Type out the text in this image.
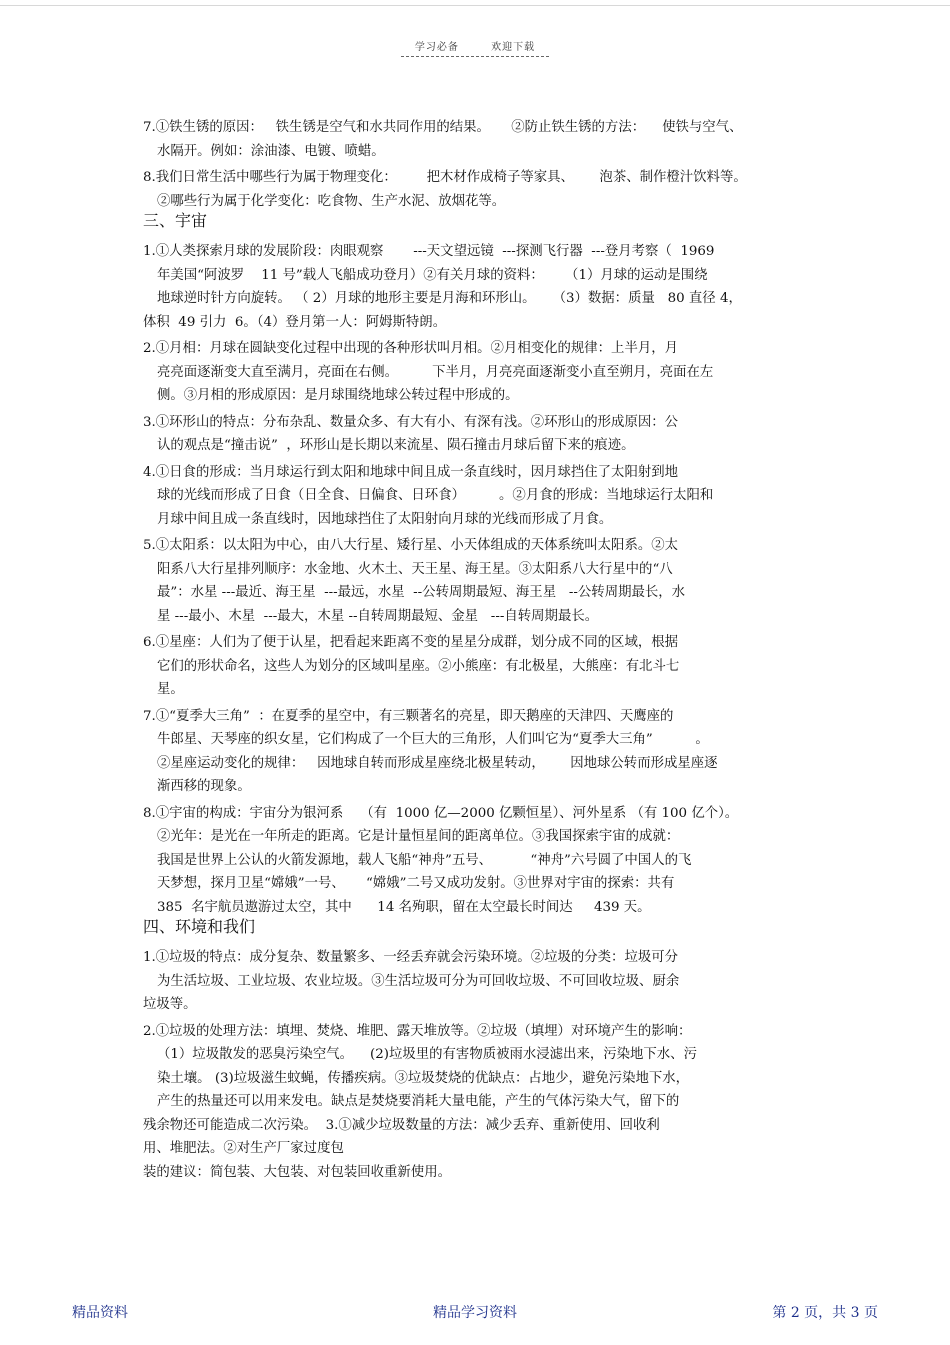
学习必备	欢迎下载
7.①铁生锈的原因：   铁生锈是空气和水共同作用的结果。     ②防止铁生锈的方法：    使铁与空气、
水隔开。例如：涂油漆、电镀、喷蜡。
8.我们日常生活中哪些行为属于物理变化：       把木材作成椅子等家具、      泡茶、制作橙汁饮料等。
②哪些行为属于化学变化：吃食物、生产水泥、放烟花等。
三、宇宙
1.①人类探索月球的发展阶段：肉眼观察       ---天文望远镜  ---探测飞行器  ---登月考察（  1969
年美国“阿波罗    11 号”载人飞船成功登月）②有关月球的资料：     （1）月球的运动是围绕
地球逆时针方向旋转。 （ 2）月球的地形主要是月海和环形山。    （3）数据：质量   80 直径 4，
体积  49 引力  6。（4）登月第一人：阿姆斯特朗。
2.①月相：月球在圆缺变化过程中出现的各种形状叫月相。②月相变化的规律：上半月，月
亮亮面逐渐变大直至满月，亮面在右侧。        下半月，月亮亮面逐渐变小直至朔月，亮面在左
侧。③月相的形成原因：是月球围绕地球公转过程中形成的。
3.①环形山的特点：分布杂乱、数量众多、有大有小、有深有浅。②环形山的形成原因：公
认的观点是“撞击说”  ，环形山是长期以来流星、陨石撞击月球后留下来的痕迹。
4.①日食的形成：当月球运行到太阳和地球中间且成一条直线时，因月球挡住了太阳射到地
球的光线而形成了日食（日全食、日偏食、日环食）        。②月食的形成：当地球运行太阳和
月球中间且成一条直线时，因地球挡住了太阳射向月球的光线而形成了月食。
5.①太阳系：以太阳为中心，由八大行星、矮行星、小天体组成的天体系统叫太阳系。②太
阳系八大行星排列顺序：水金地、火木土、天王星、海王星。③太阳系八大行星中的“八
最”：水星 ---最近、海王星  ---最远，水星  --公转周期最短、海王星   --公转周期最长，水
星 ---最小、木星  ---最大，木星 --自转周期最短、金星   ---自转周期最长。
6.①星座：人们为了便于认星，把看起来距离不变的星星分成群，划分成不同的区域，根据
它们的形状命名，这些人为划分的区域叫星座。②小熊座：有北极星，大熊座：有北斗七
星。
7.①“夏季大三角”  ：在夏季的星空中，有三颗著名的亮星，即天鹅座的天津四、天鹰座的
牛郎星、天琴座的织女星，它们构成了一个巨大的三角形，人们叫它为“夏季大三角”          。
②星座运动变化的规律：   因地球自转而形成星座绕北极星转动，      因地球公转而形成星座逐
渐西移的现象。
8.①宇宙的构成：宇宙分为银河系    （有  1000 亿—2000 亿颗恒星）、河外星系 （有 100 亿个）。
②光年：是光在一年所走的距离。它是计量恒星间的距离单位。③我国探索宇宙的成就：
我国是世界上公认的火箭发源地，载人飞船“神舟”五号、         “神舟”六号圆了中国人的飞
天梦想，探月卫星“嫦娥”一号、     “嫦娥”二号又成功发射。③世界对宇宙的探索：共有
385  名宇航员遨游过太空，其中      14 名殉职，留在太空最长时间达     439 天。
四、环境和我们
1.①垃圾的特点：成分复杂、数量繁多、一经丢弃就会污染环境。②垃圾的分类：垃圾可分
为生活垃圾、工业垃圾、农业垃圾。③生活垃圾可分为可回收垃圾、不可回收垃圾、厨余
垃圾等。
2.①垃圾的处理方法：填埋、焚烧、堆肥、露天堆放等。②垃圾（填埋）对环境产生的影响：
（1）垃圾散发的恶臭污染空气。    (2)垃圾里的有害物质被雨水浸滤出来，污染地下水、污
染土壤。 (3)垃圾滋生蚊蝇，传播疾病。③垃圾焚烧的优缺点：占地少，避免污染地下水，
产生的热量还可以用来发电。缺点是焚烧要消耗大量电能，产生的气体污染大气，留下的
残余物还可能造成二次污染。  3.①减少垃圾数量的方法：减少丢弃、重新使用、回收利
用、堆肥法。②对生产厂家过度包
装的建议：简包装、大包装、对包装回收重新使用。
精品学习资料
精品资料	第 2 页，共 3 页
